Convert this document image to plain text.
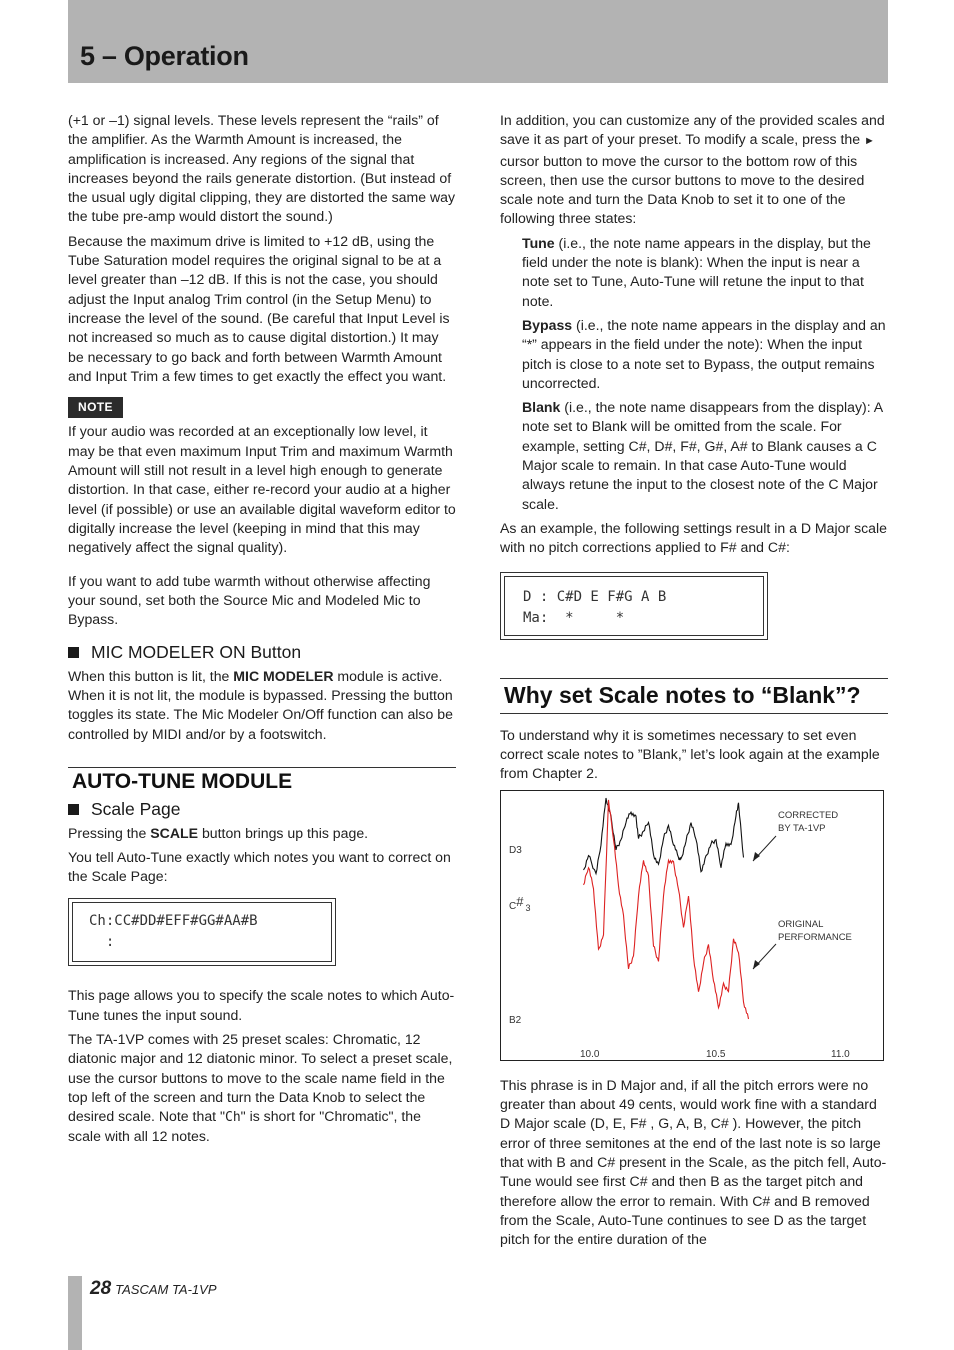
5 – Operation

(+1 or –1) signal levels. These levels represent the “rails” of the amplifier. As the Warmth Amount is increased, the amplification is increased. Any regions of the signal that increases beyond the rails generate distortion. (But instead of the usual ugly digital clipping, they are distorted the same way the tube pre-amp would distort the sound.)

Because the maximum drive is limited to +12 dB, using the Tube Saturation model requires the original signal to be at a level greater than –12 dB. If this is not the case, you should adjust the Input analog Trim control (in the Setup Menu) to increase the level of the sound. (Be careful that Input Level is not increased so much as to cause digital distortion.) It may be necessary to go back and forth between Warmth Amount and Input Trim a few times to get exactly the effect you want.

NOTE

If your audio was recorded at an exceptionally low level, it may be that even maximum Input Trim and maximum Warmth Amount will still not result in a level high enough to generate distortion. In that case, either re-record your audio at a higher level (if possible) or use an available digital waveform editor to digitally increase the level (keeping in mind that this may negatively affect the signal quality).

If you want to add tube warmth without otherwise affecting your sound, set both the Source Mic and Modeled Mic to Bypass.

MIC MODELER ON Button

When this button is lit, the MIC MODELER module is active. When it is not lit, the module is bypassed. Pressing the button toggles its state. The Mic Modeler On/Off function can also be controlled by MIDI and/or by a footswitch.

AUTO-TUNE MODULE
Scale Page

Pressing the SCALE button brings up this page.

You tell Auto-Tune exactly which notes you want to correct on the Scale Page:

Ch:CC#DD#EFF#GG#AA#B
:

This page allows you to specify the scale notes to which Auto-Tune tunes the input sound.

The TA-1VP comes with 25 preset scales: Chromatic, 12 diatonic major and 12 diatonic minor. To select a preset scale, use the cursor buttons to move to the scale name field in the top left of the screen and turn the Data Knob to select the desired scale. Note that "Ch" is short for "Chromatic", the scale with all 12 notes.

In addition, you can customize any of the provided scales and save it as part of your preset. To modify a scale, press the ► cursor button to move the cursor to the bottom row of this screen, then use the cursor buttons to move to the desired scale note and turn the Data Knob to set it to one of the following three states:

Tune (i.e., the note name appears in the display, but the field under the note is blank): When the input is near a note set to Tune, Auto-Tune will retune the input to that note.

Bypass (i.e., the note name appears in the display and an “*” appears in the field under the note): When the input pitch is close to a note set to Bypass, the output remains uncorrected.

Blank (i.e., the note name disappears from the display): A note set to Blank will be omitted from the scale. For example, setting C#, D#, F#, G#, A# to Blank causes a C Major scale to remain. In that case Auto-Tune would always retune the input to the closest note of the C Major scale.

As an example, the following settings result in a D Major scale with no pitch corrections applied to F# and C#:

D : C#D E F#G A B
Ma:  *     *
Why set Scale notes to “Blank”?

To understand why it is sometimes necessary to set even correct scale notes to ”Blank,” let’s look again at the example from Chapter 2.

D3
C# 3
B2
10.0	10.5	11.0
CORRECTED
BY TA-1VP
ORIGINAL
PERFORMANCE

This phrase is in D Major and, if all the pitch errors were no greater than about 49 cents, would work fine with a standard D Major scale (D, E, F# , G, A, B, C# ). However, the pitch error of three semitones at the end of the last note is so large that with B and C# present in the Scale, as the pitch fell, Auto-Tune would see first C# and then B as the target pitch and therefore allow the error to remain. With C# and B removed from the Scale, Auto-Tune continues to see D as the target pitch for the entire duration of the

28 TASCAM TA-1VP
